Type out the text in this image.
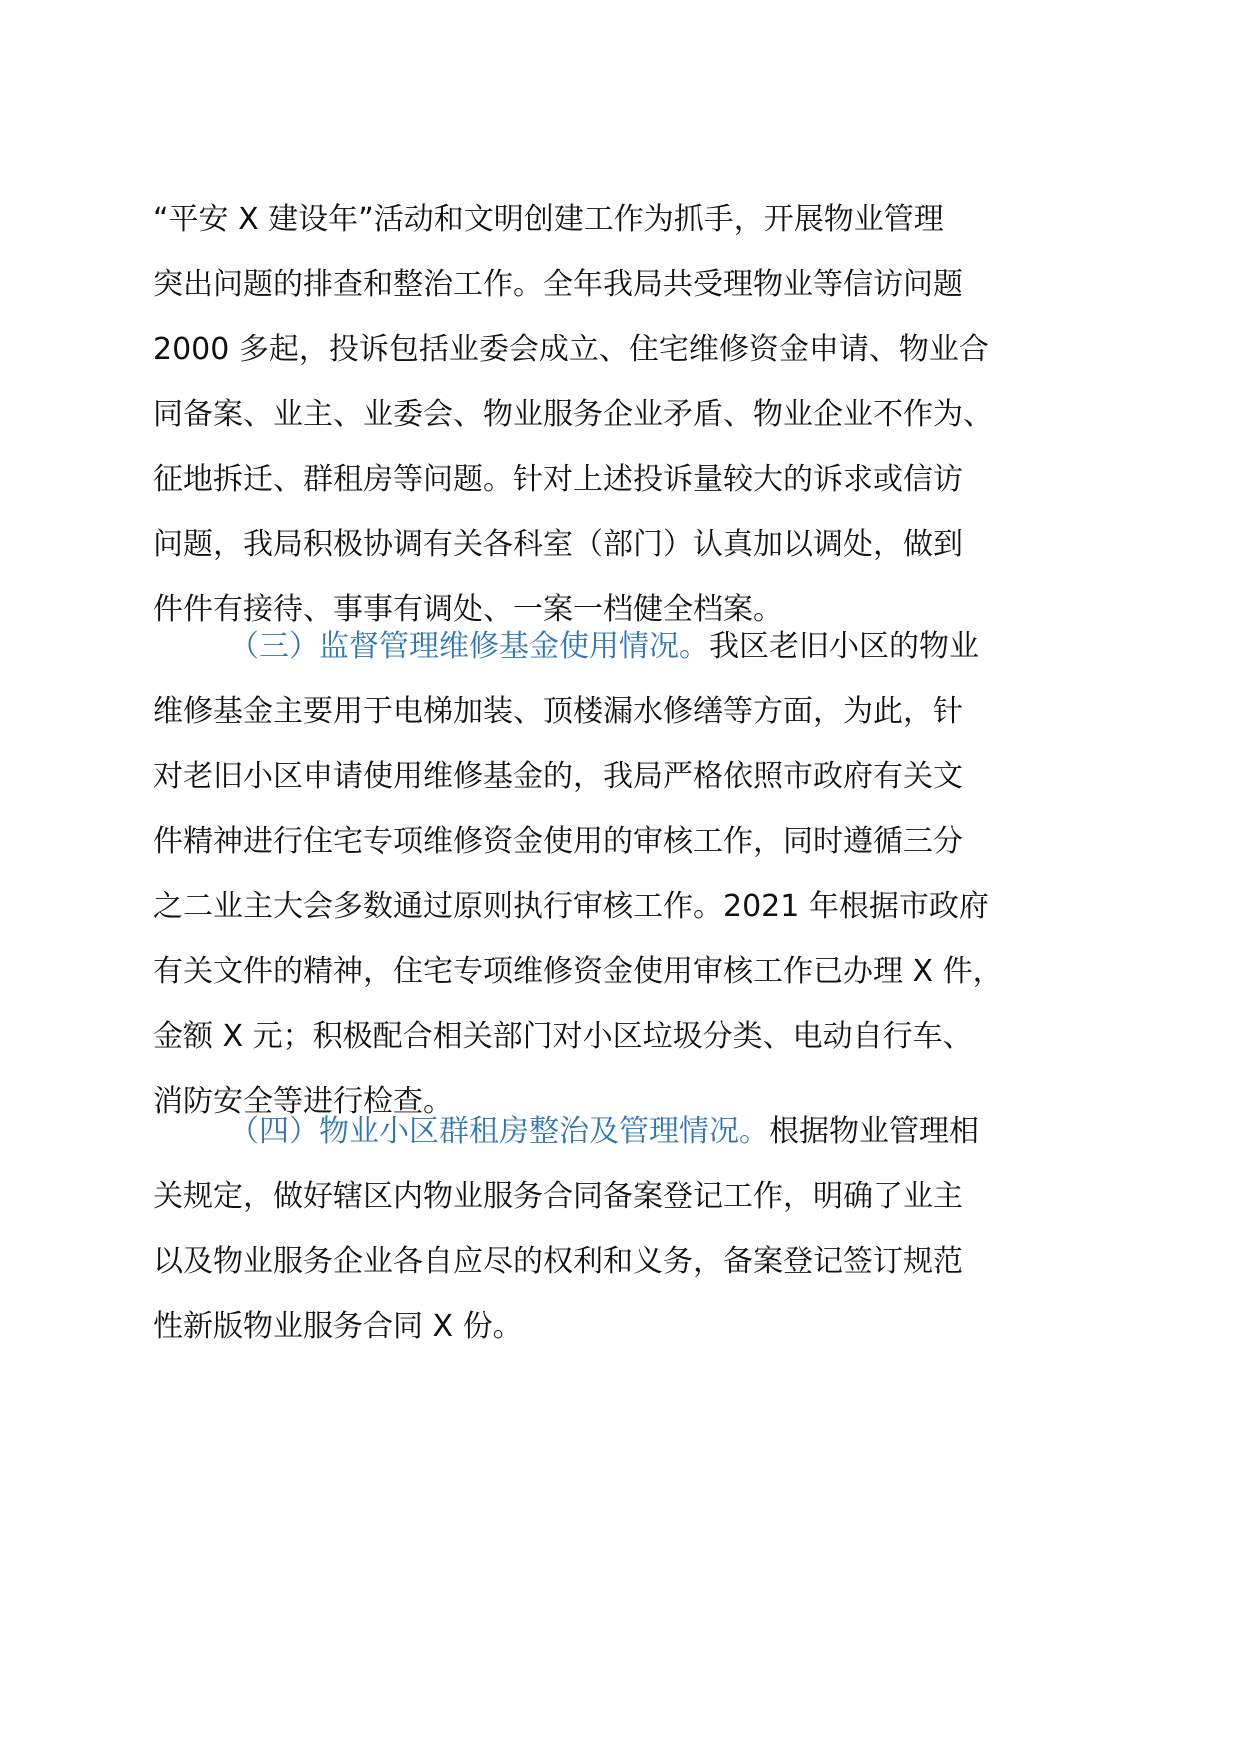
“平安 X 建设年”活动和文明创建工作为抓手，开展物业管理
突出问题的排查和整治工作。全年我局共受理物业等信访问题
2000 多起，投诉包括业委会成立、住宅维修资金申请、物业合
同备案、业主、业委会、物业服务企业矛盾、物业企业不作为、
征地拆迁、群租房等问题。针对上述投诉量较大的诉求或信访
问题，我局积极协调有关各科室（部门）认真加以调处，做到
件件有接待、事事有调处、一案一档健全档案。
（三）监督管理维修基金使用情况。我区老旧小区的物业
维修基金主要用于电梯加装、顶楼漏水修缮等方面，为此，针
对老旧小区申请使用维修基金的，我局严格依照市政府有关文
件精神进行住宅专项维修资金使用的审核工作，同时遵循三分
之二业主大会多数通过原则执行审核工作。2021 年根据市政府
有关文件的精神，住宅专项维修资金使用审核工作已办理 X 件，
金额 X 元；积极配合相关部门对小区垃圾分类、电动自行车、
消防安全等进行检查。
（四）物业小区群租房整治及管理情况。根据物业管理相
关规定，做好辖区内物业服务合同备案登记工作，明确了业主
以及物业服务企业各自应尽的权利和义务，备案登记签订规范
性新版物业服务合同 X 份。
